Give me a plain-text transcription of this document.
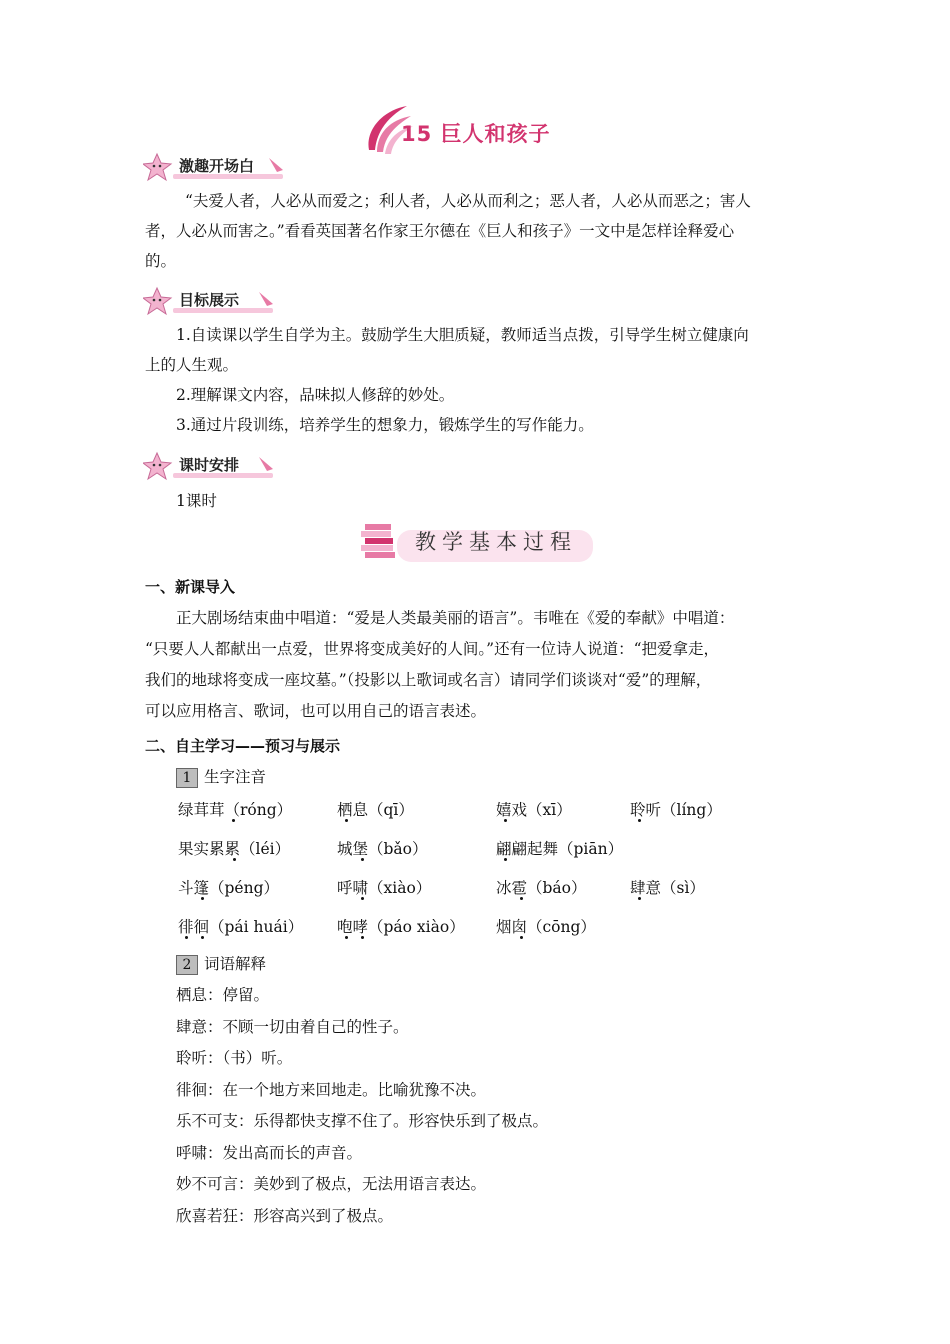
15 巨人和孩子
激趣开场白
“夫爱人者，人必从而爱之；利人者，人必从而利之；恶人者，人必从而恶之；害人
者，人必从而害之。”看看英国著名作家王尔德在《巨人和孩子》一文中是怎样诠释爱心
的。
目标展示
1.自读课以学生自学为主。鼓励学生大胆质疑，教师适当点拨，引导学生树立健康向
上的人生观。
2.理解课文内容，品味拟人修辞的妙处。
3.通过片段训练，培养学生的想象力，锻炼学生的写作能力。
课时安排
1课时
教学基本过程
一、新课导入
正大剧场结束曲中唱道：“爱是人类最美丽的语言”。韦唯在《爱的奉献》中唱道：
“只要人人都献出一点爱，世界将变成美好的人间。”还有一位诗人说道：“把爱拿走，
我们的地球将变成一座坟墓。”（投影以上歌词或名言）请同学们谈谈对“爱”的理解，
可以应用格言、歌词，也可以用自己的语言表述。
二、自主学习——预习与展示
1 生字注音
绿茸茸（róng）	栖息（qī）	嬉戏（xī）	聆听（líng）
果实累累（léi）	城堡（bǎo）	翩翩起舞（piān）
斗篷（péng）	呼啸（xiào）	冰雹（báo）	肆意（sì）
徘徊（pái huái） 咆哮（páo xiào） 烟囱（cōng）
2 词语解释
栖息：停留。
肆意：不顾一切由着自己的性子。
聆听：（书）听。
徘徊：在一个地方来回地走。比喻犹豫不决。
乐不可支：乐得都快支撑不住了。形容快乐到了极点。
呼啸：发出高而长的声音。
妙不可言：美妙到了极点，无法用语言表达。
欣喜若狂：形容高兴到了极点。
